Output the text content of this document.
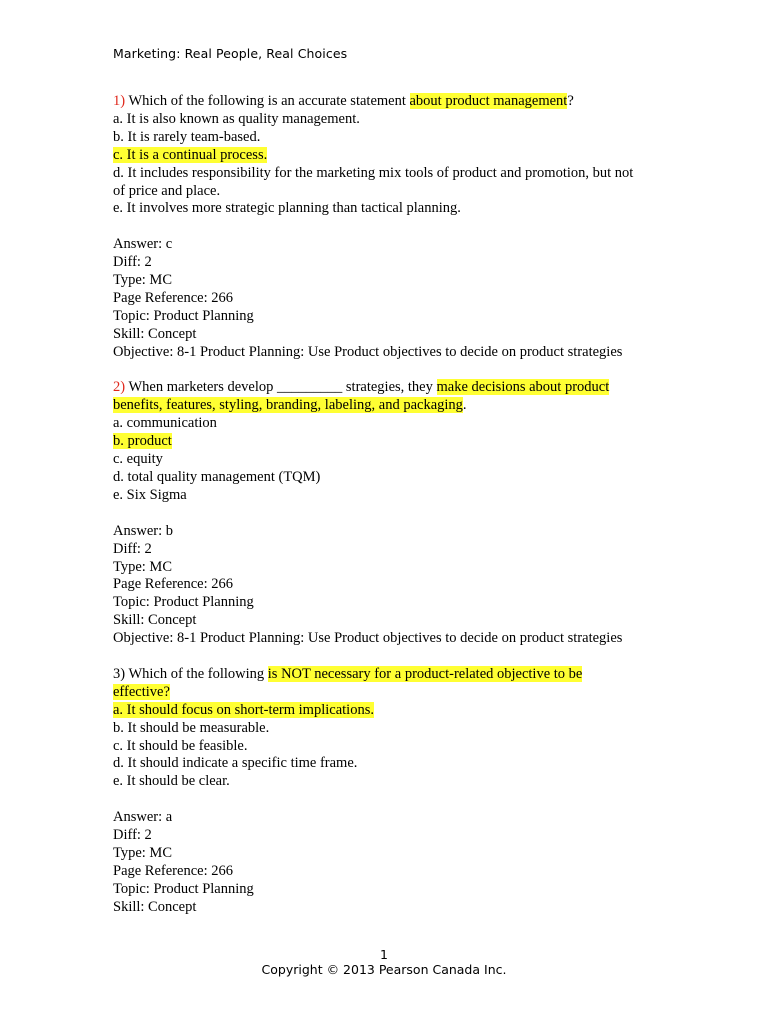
Marketing: Real People, Real Choices

1) Which of the following is an accurate statement about product management?

a. It is also known as quality management.

b. It is rarely team-based.

c. It is a continual process.

d. It includes responsibility for the marketing mix tools of product and promotion, but not

of price and place.

e. It involves more strategic planning than tactical planning.

Answer: c

Diff: 2

Type: MC

Page Reference: 266

Topic: Product Planning

Skill: Concept

Objective: 8-1 Product Planning: Use Product objectives to decide on product strategies

2) When marketers develop _________ strategies, they make decisions about product

benefits, features, styling, branding, labeling, and packaging.

a. communication

b. product

c. equity

d. total quality management (TQM)

e. Six Sigma

Answer: b

Diff: 2

Type: MC

Page Reference: 266

Topic: Product Planning

Skill: Concept

Objective: 8-1 Product Planning: Use Product objectives to decide on product strategies

3) Which of the following is NOT necessary for a product-related objective to be

effective?

a. It should focus on short-term implications.

b. It should be measurable.

c. It should be feasible.

d. It should indicate a specific time frame.

e. It should be clear.

Answer: a

Diff: 2

Type: MC

Page Reference: 266

Topic: Product Planning

Skill: Concept

1
Copyright © 2013 Pearson Canada Inc.
